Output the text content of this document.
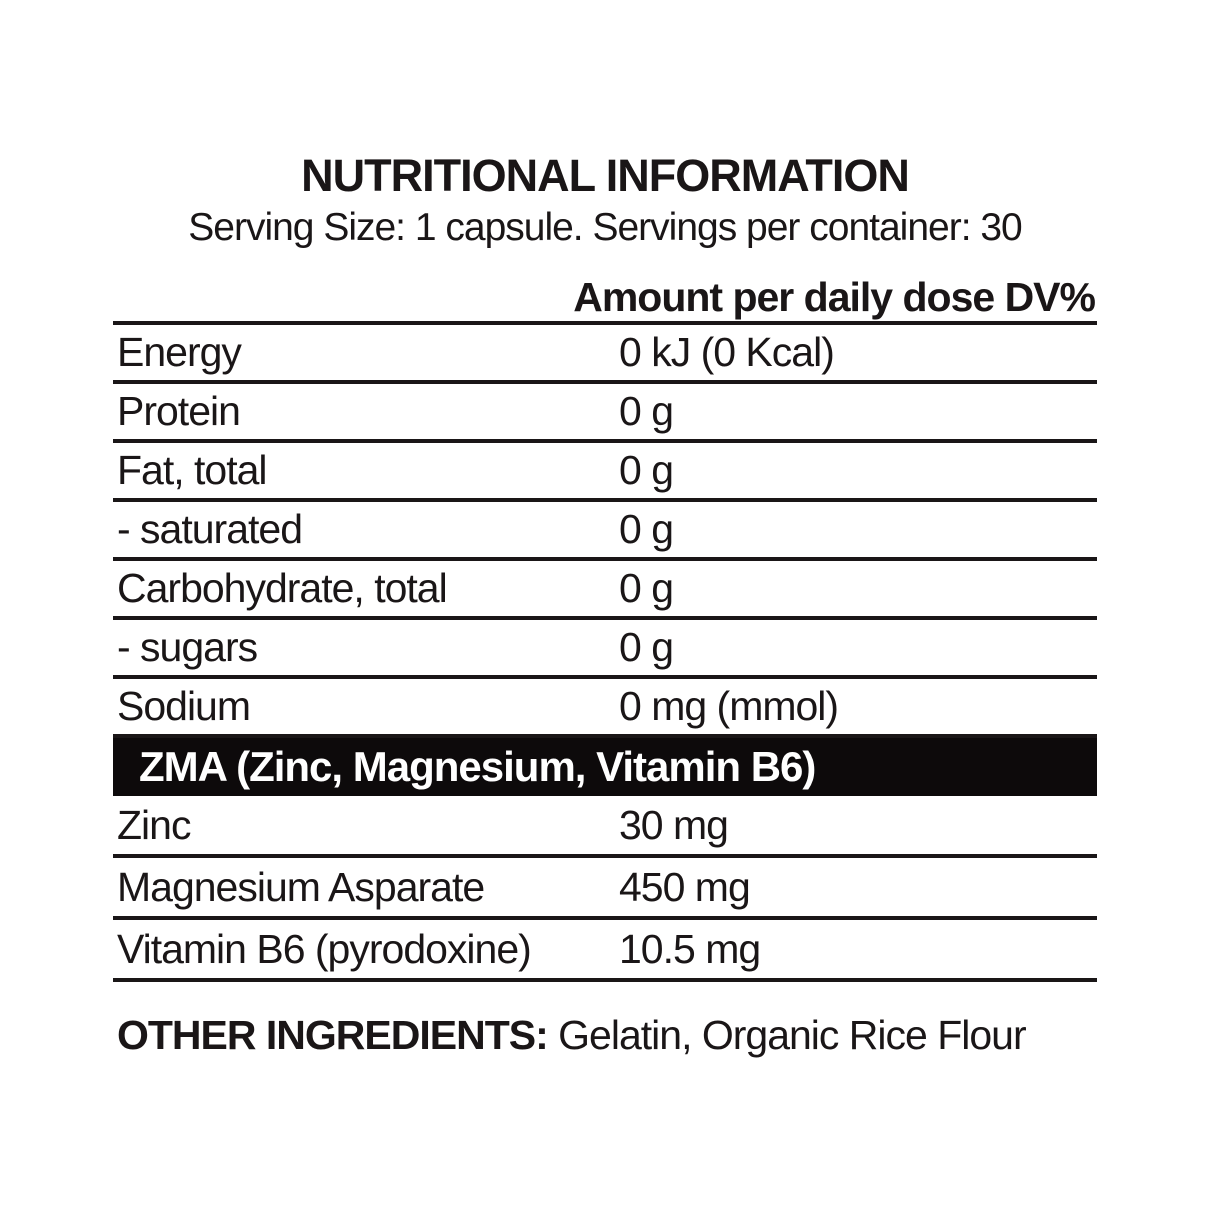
NUTRITIONAL INFORMATION
Serving Size: 1 capsule. Servings per container: 30
Amount per daily dose DV%
Energy	0 kJ (0 Kcal)
Protein	0 g
Fat, total	0 g
- saturated	0 g
Carbohydrate, total	0 g
- sugars	0 g
Sodium	0 mg (mmol)
ZMA (Zinc, Magnesium, Vitamin B6)
Zinc	30 mg
Magnesium Asparate	450 mg
Vitamin B6 (pyrodoxine)	10.5 mg
OTHER INGREDIENTS: Gelatin, Organic Rice Flour
